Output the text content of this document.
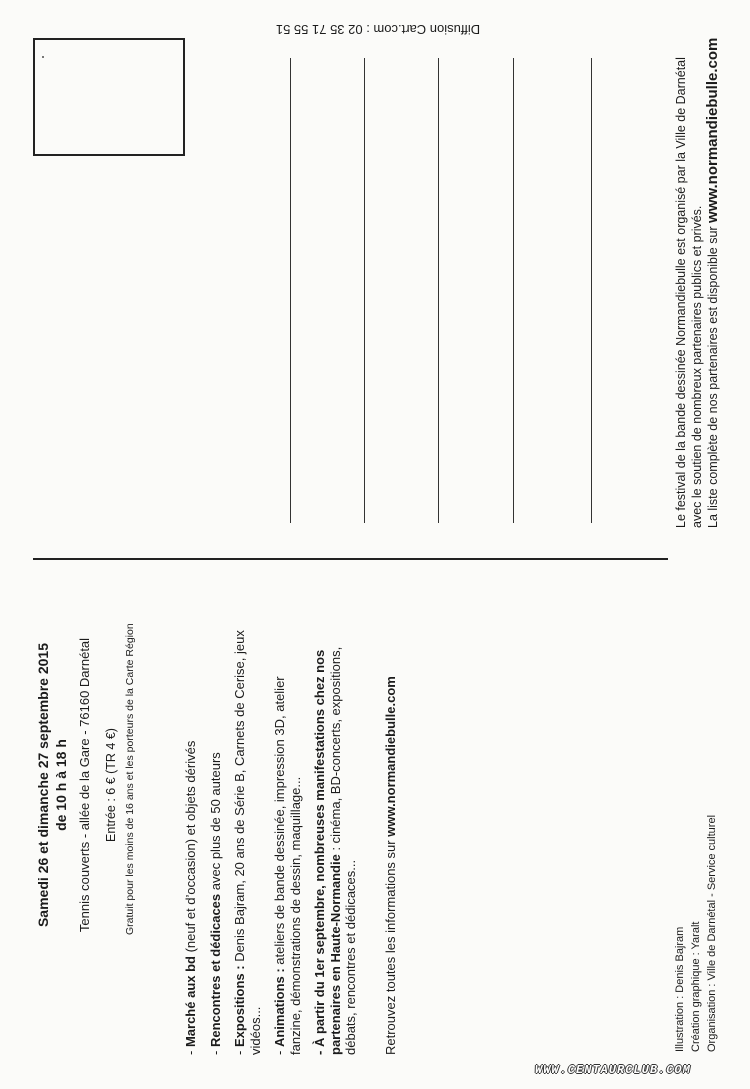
Diffusion Cart.com : 02 35 71 55 51
Le festival de la bande dessinée Normandiebulle est organisé par la Ville de Darnétal avec le soutien de nombreux partenaires publics et privés. La liste complète de nos partenaires est disponible sur www.normandiebulle.com
Samedi 26 et dimanche 27 septembre 2015 de 10 h à 18 h Tennis couverts - allée de la Gare - 76160 Darnétal Entrée : 6 € (TR 4 €) Gratuit pour les moins de 16 ans et les porteurs de la Carte Région
- Marché aux bd (neuf et d’occasion) et objets dérivés
- Rencontres et dédicaces avec plus de 50 auteurs
- Expositions : Denis Bajram, 20 ans de Série B, Carnets de Cerise, jeux
vidéos... - Animations : ateliers de bande dessinée, impression 3D, atelier fanzine, démonstrations de dessin, maquillage... - À partir du 1er septembre, nombreuses manifestations chez nos partenaires en Haute-Normandie : cinéma, BD-concerts, expositions,
débats, rencontres et dédicaces... Retrouvez toutes les informations sur www.normandiebulle.com
Illustration : Denis Bajram Création graphique : Yaralt Organisation : Ville de Darnétal - Service culturel
WWW.CENTAURCLUB.COM
